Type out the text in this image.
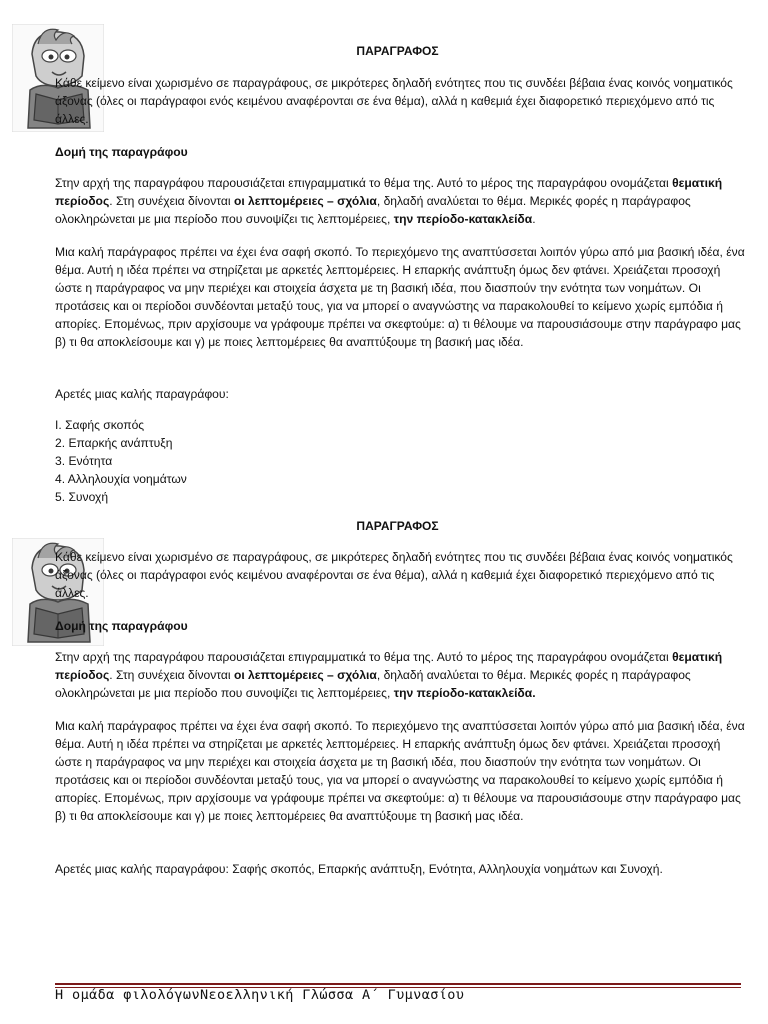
ΠΑΡΑΓΡΑΦΟΣ

Κάθε κείμενο είναι χωρισμένο σε παραγράφους, σε μικρότερες δηλαδή ενότητες που τις συνδέει βέβαια ένας κοινός νοηματικός άξονας (όλες οι παράγραφοι ενός κειμένου αναφέρονται σε ένα θέμα), αλλά η καθεμιά έχει διαφορετικό περιεχόμενο από τις άλλες.

Δομή της παραγράφου

Στην αρχή της παραγράφου παρουσιάζεται επιγραμματικά το θέμα της. Αυτό το μέρος της παραγράφου ονομάζεται θεματική περίοδος. Στη συνέχεια δίνονται οι λεπτομέρειες – σχόλια, δηλαδή αναλύεται το θέμα. Μερικές φορές η παράγραφος ολοκληρώνεται με μια περίοδο που συνοψίζει τις λεπτομέρειες, την περίοδο-κατακλείδα.

Μια καλή παράγραφος πρέπει να έχει ένα σαφή σκοπό. Το περιεχόμενο της αναπτύσσεται λοιπόν γύρω από μια βασική ιδέα, ένα θέμα. Αυτή η ιδέα πρέπει να στηρίζεται με αρκετές λεπτομέρειες. Η επαρκής ανάπτυξη όμως δεν φτάνει. Χρειάζεται προσοχή ώστε η παράγραφος να μην περιέχει και στοιχεία άσχετα με τη βασική ιδέα, που διασπούν την ενότητα των νοημάτων. Οι προτάσεις και οι περίοδοι συνδέονται μεταξύ τους, για να μπορεί ο αναγνώστης να παρακολουθεί το κείμενο χωρίς εμπόδια ή απορίες. Επομένως, πριν αρχίσουμε να γράφουμε πρέπει να σκεφτούμε: α) τι θέλουμε να παρουσιάσουμε στην παράγραφο μας β) τι θα αποκλείσουμε και γ) με ποιες λεπτομέρειες θα αναπτύξουμε τη βασική μας ιδέα.

Αρετές μιας καλής παραγράφου:

I. Σαφής σκοπός
2. Επαρκής ανάπτυξη
3. Ενότητα
4. Αλληλουχία νοημάτων
5. Συνοχή
ΠΑΡΑΓΡΑΦΟΣ

Κάθε κείμενο είναι χωρισμένο σε παραγράφους, σε μικρότερες δηλαδή ενότητες που τις συνδέει βέβαια ένας κοινός νοηματικός άξονας (όλες οι παράγραφοι ενός κειμένου αναφέρονται σε ένα θέμα), αλλά η καθεμιά έχει διαφορετικό περιεχόμενο από τις άλλες.

Δομή της παραγράφου

Στην αρχή της παραγράφου παρουσιάζεται επιγραμματικά το θέμα της. Αυτό το μέρος της παραγράφου ονομάζεται θεματική περίοδος. Στη συνέχεια δίνονται οι λεπτομέρειες – σχόλια, δηλαδή αναλύεται το θέμα. Μερικές φορές η παράγραφος ολοκληρώνεται με μια περίοδο που συνοψίζει τις λεπτομέρειες, την περίοδο-κατακλείδα.

Μια καλή παράγραφος πρέπει να έχει ένα σαφή σκοπό. Το περιεχόμενο της αναπτύσσεται λοιπόν γύρω από μια βασική ιδέα, ένα θέμα. Αυτή η ιδέα πρέπει να στηρίζεται με αρκετές λεπτομέρειες. Η επαρκής ανάπτυξη όμως δεν φτάνει. Χρειάζεται προσοχή ώστε η παράγραφος να μην περιέχει και στοιχεία άσχετα με τη βασική ιδέα, που διασπούν την ενότητα των νοημάτων. Οι προτάσεις και οι περίοδοι συνδέονται μεταξύ τους, για να μπορεί ο αναγνώστης να παρακολουθεί το κείμενο χωρίς εμπόδια ή απορίες. Επομένως, πριν αρχίσουμε να γράφουμε πρέπει να σκεφτούμε: α) τι θέλουμε να παρουσιάσουμε στην παράγραφο μας β) τι θα αποκλείσουμε και γ) με ποιες λεπτομέρειες θα αναπτύξουμε τη βασική μας ιδέα.

Αρετές μιας καλής παραγράφου: Σαφής σκοπός, Επαρκής ανάπτυξη, Ενότητα, Αλληλουχία νοημάτων και Συνοχή.

Η ομάδα φιλολόγωνΝεοελληνική Γλώσσα Α΄ Γυμνασίου
